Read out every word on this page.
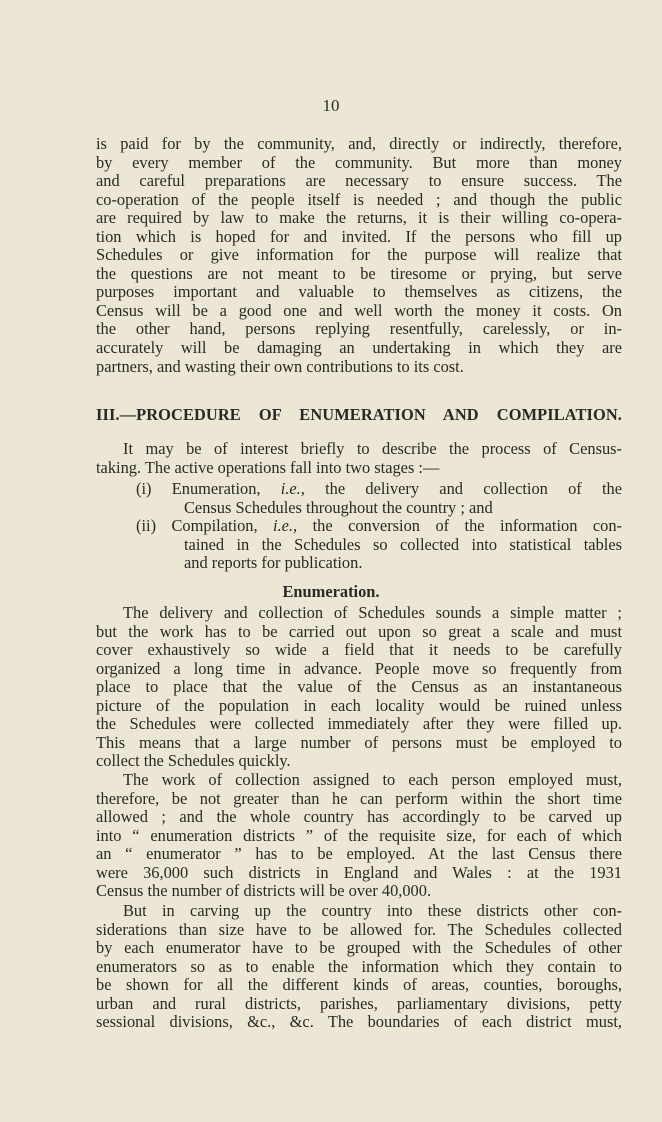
10
is paid for by the community, and, directly or indirectly, therefore,
by every member of the community. But more than money
and careful preparations are necessary to ensure success. The
co-operation of the people itself is needed ; and though the public
are required by law to make the returns, it is their willing co-opera-
tion which is hoped for and invited. If the persons who fill up
Schedules or give information for the purpose will realize that
the questions are not meant to be tiresome or prying, but serve
purposes important and valuable to themselves as citizens, the
Census will be a good one and well worth the money it costs. On
the other hand, persons replying resentfully, carelessly, or in-
accurately will be damaging an undertaking in which they are
partners, and wasting their own contributions to its cost.
III.—PROCEDURE OF ENUMERATION AND COMPILATION.
It may be of interest briefly to describe the process of Census-
taking. The active operations fall into two stages :—
(i) Enumeration, i.e., the delivery and collection of the
Census Schedules throughout the country ; and
(ii) Compilation, i.e., the conversion of the information con-
tained in the Schedules so collected into statistical tables
and reports for publication.
Enumeration.
The delivery and collection of Schedules sounds a simple matter ;
but the work has to be carried out upon so great a scale and must
cover exhaustively so wide a field that it needs to be carefully
organized a long time in advance. People move so frequently from
place to place that the value of the Census as an instantaneous
picture of the population in each locality would be ruined unless
the Schedules were collected immediately after they were filled up.
This means that a large number of persons must be employed to
collect the Schedules quickly.
The work of collection assigned to each person employed must,
therefore, be not greater than he can perform within the short time
allowed ; and the whole country has accordingly to be carved up
into “ enumeration districts ” of the requisite size, for each of which
an “ enumerator ” has to be employed. At the last Census there
were 36,000 such districts in England and Wales : at the 1931
Census the number of districts will be over 40,000.
But in carving up the country into these districts other con-
siderations than size have to be allowed for. The Schedules collected
by each enumerator have to be grouped with the Schedules of other
enumerators so as to enable the information which they contain to
be shown for all the different kinds of areas, counties, boroughs,
urban and rural districts, parishes, parliamentary divisions, petty
sessional divisions, &c., &c. The boundaries of each district must,
